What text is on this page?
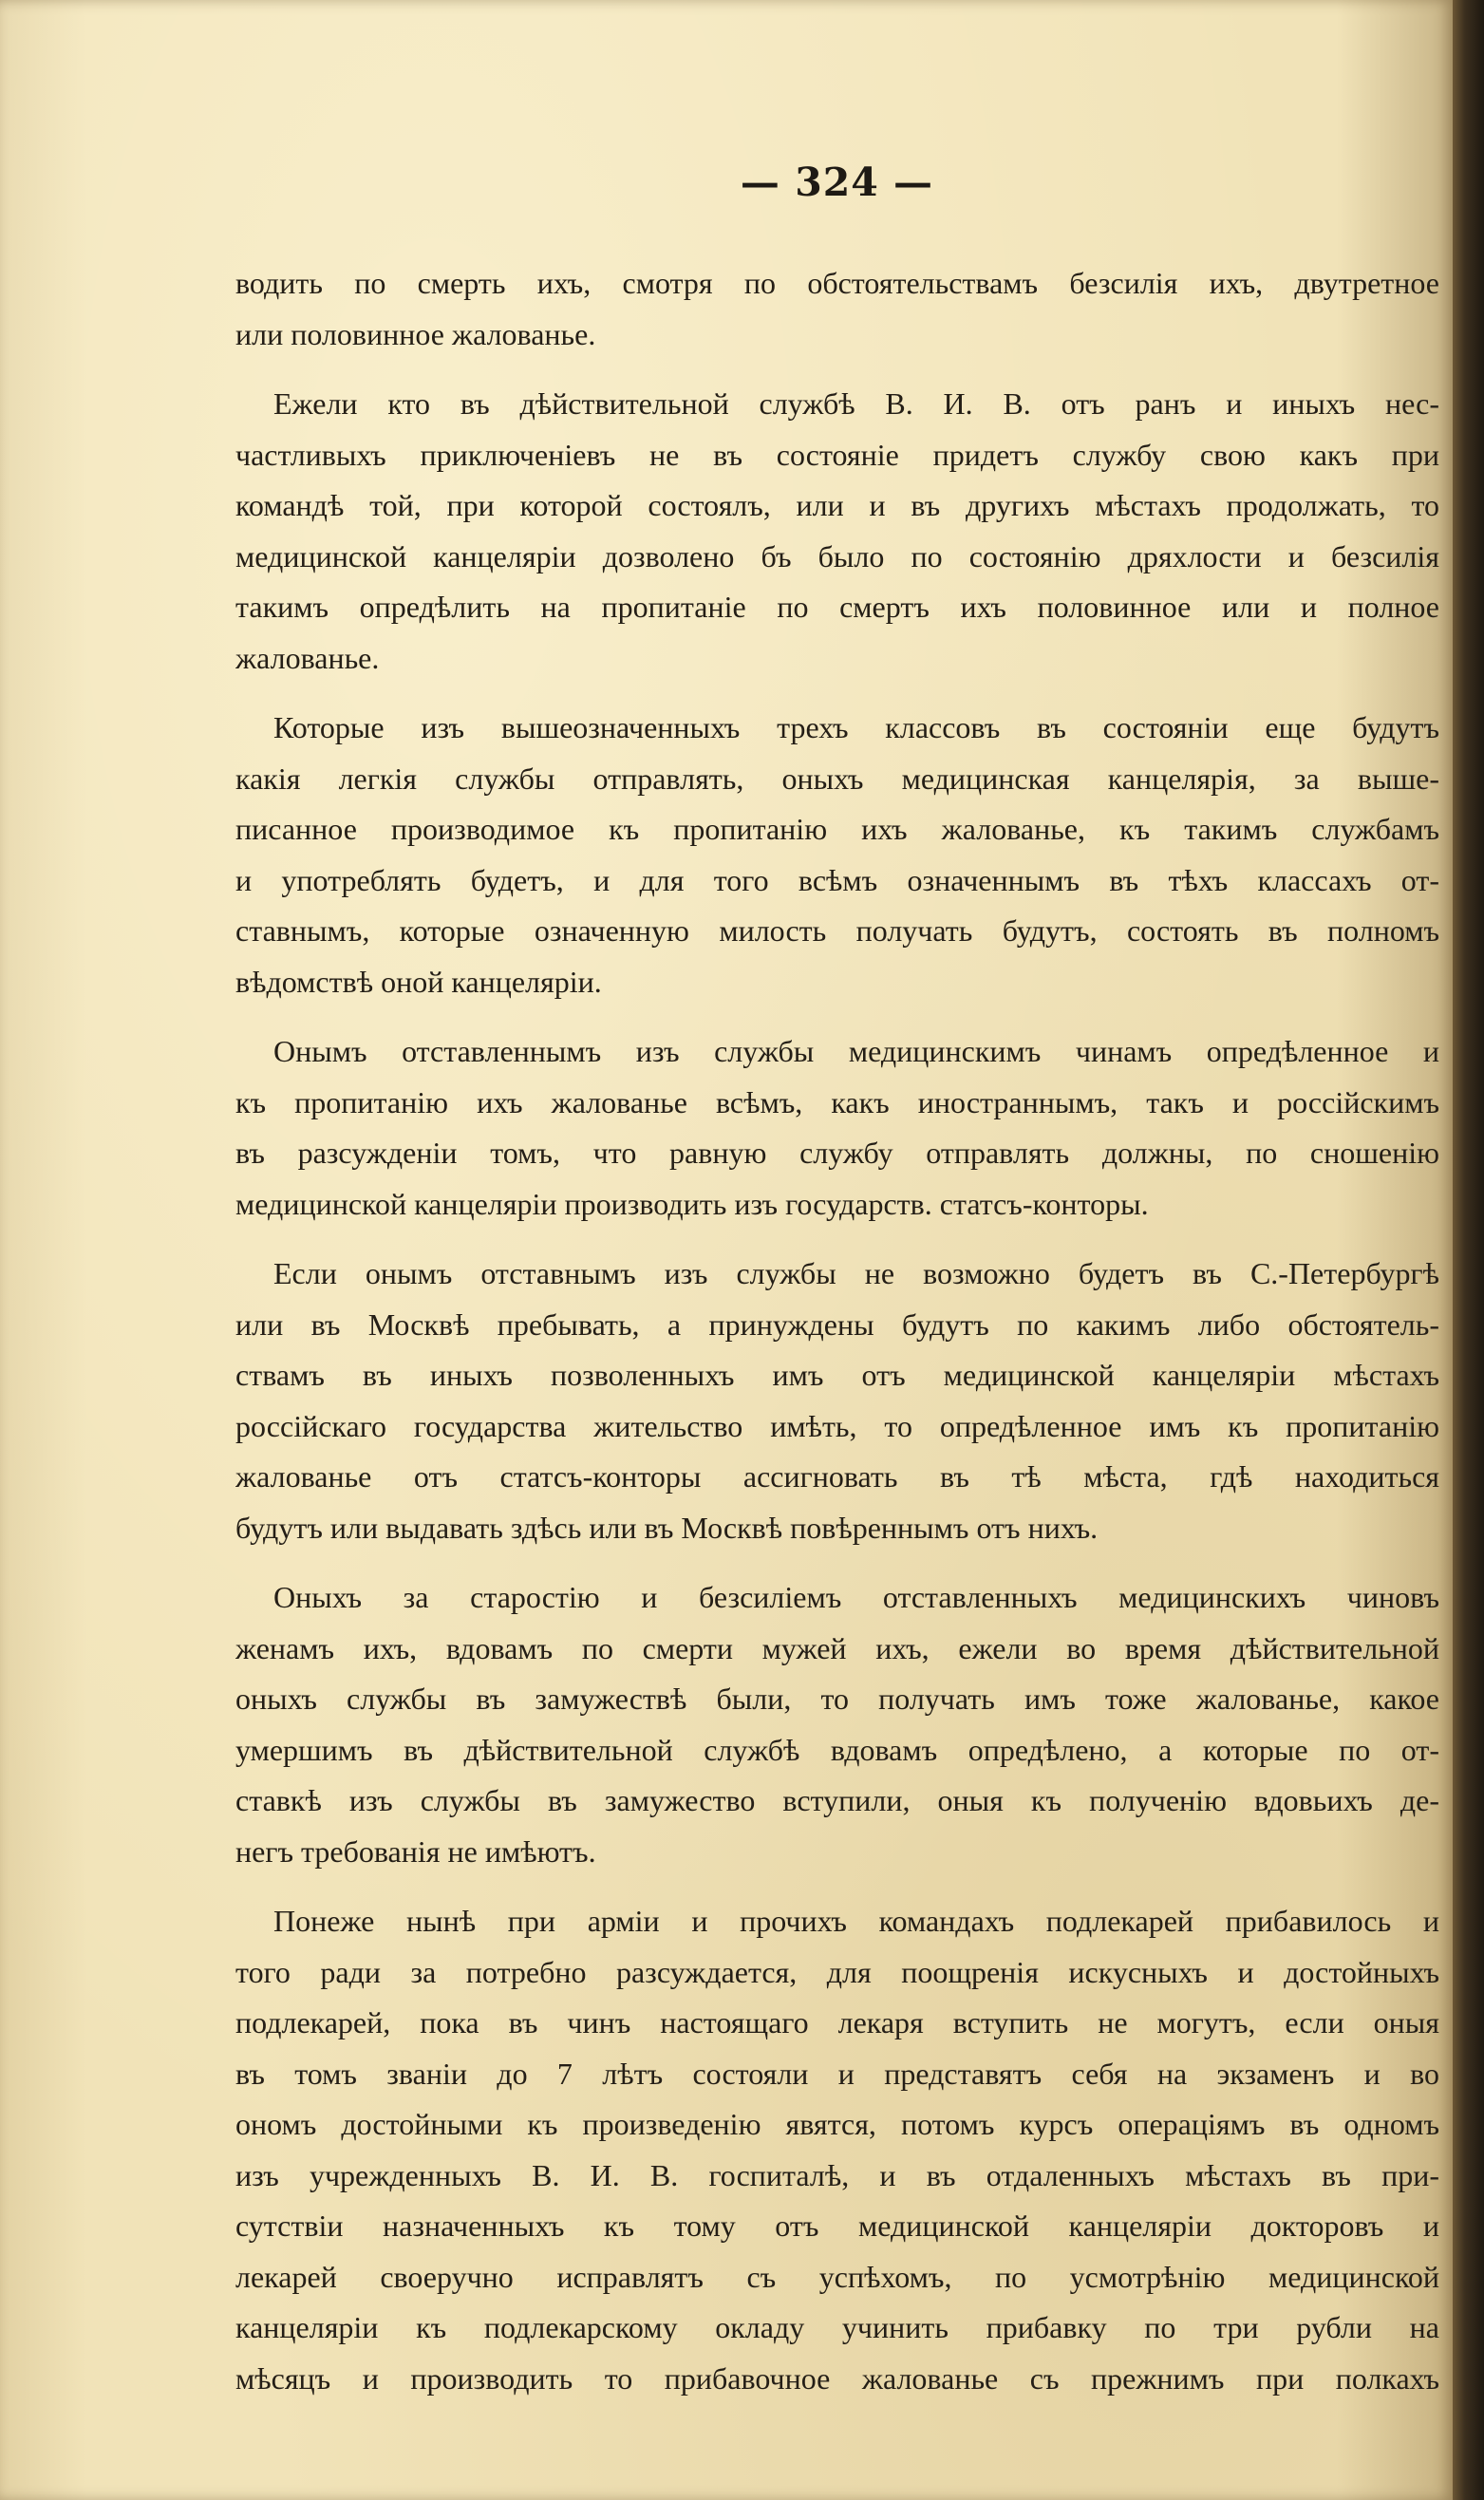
— 324 —
водить по смерть ихъ, смотря по обстоятельствамъ безсилія ихъ, двутретное
или половинное жалованье.
Ежели кто въ дѣйствительной службѣ В. И. В. отъ ранъ и иныхъ нес-
частливыхъ приключеніевъ не въ состояніе придетъ службу свою какъ при
командѣ той, при которой состоялъ, или и въ другихъ мѣстахъ продолжать, то
медицинской канцеляріи дозволено бъ было по состоянію дряхлости и безсилія
такимъ опредѣлить на пропитаніе по смертъ ихъ половинное или и полное
жалованье.
Которые изъ вышеозначенныхъ трехъ классовъ въ состояніи еще будутъ
какія легкія службы отправлять, оныхъ медицинская канцелярія, за выше-
писанное производимое къ пропитанію ихъ жалованье, къ такимъ службамъ
и употреблять будетъ, и для того всѣмъ означеннымъ въ тѣхъ классахъ от-
ставнымъ, которые означенную милость получать будутъ, состоять въ полномъ
вѣдомствѣ оной канцеляріи.
Онымъ отставленнымъ изъ службы медицинскимъ чинамъ опредѣленное и
къ пропитанію ихъ жалованье всѣмъ, какъ иностраннымъ, такъ и россійскимъ
въ разсужденіи томъ, что равную службу отправлять должны, по сношенію
медицинской канцеляріи производить изъ государств. статсъ-конторы.
Если онымъ отставнымъ изъ службы не возможно будетъ въ С.-Петербургѣ
или въ Москвѣ пребывать, а принуждены будутъ по какимъ либо обстоятель-
ствамъ въ иныхъ позволенныхъ имъ отъ медицинской канцеляріи мѣстахъ
россійскаго государства жительство имѣть, то опредѣленное имъ къ пропитанію
жалованье отъ статсъ-конторы ассигновать въ тѣ мѣста, гдѣ находиться
будутъ или выдавать здѣсь или въ Москвѣ повѣреннымъ отъ нихъ.
Оныхъ за старостію и безсиліемъ отставленныхъ медицинскихъ чиновъ
женамъ ихъ, вдовамъ по смерти мужей ихъ, ежели во время дѣйствительной
оныхъ службы въ замужествѣ были, то получать имъ тоже жалованье, какое
умершимъ въ дѣйствительной службѣ вдовамъ опредѣлено, а которые по от-
ставкѣ изъ службы въ замужество вступили, оныя къ полученію вдовьихъ де-
негъ требованія не имѣютъ.
Понеже нынѣ при арміи и прочихъ командахъ подлекарей прибавилось и
того ради за потребно разсуждается, для поощренія искусныхъ и достойныхъ
подлекарей, пока въ чинъ настоящаго лекаря вступить не могутъ, если оныя
въ томъ званіи до 7 лѣтъ состояли и представятъ себя на экзаменъ и во
ономъ достойными къ произведенію явятся, потомъ курсъ операціямъ въ одномъ
изъ учрежденныхъ В. И. В. госпиталѣ, и въ отдаленныхъ мѣстахъ въ при-
сутствіи назначенныхъ къ тому отъ медицинской канцеляріи докторовъ и
лекарей своеручно исправлятъ съ успѣхомъ, по усмотрѣнію медицинской
канцеляріи къ подлекарскому окладу учинить прибавку по три рубли на
мѣсяцъ и производить то прибавочное жалованье съ прежнимъ при полкахъ
